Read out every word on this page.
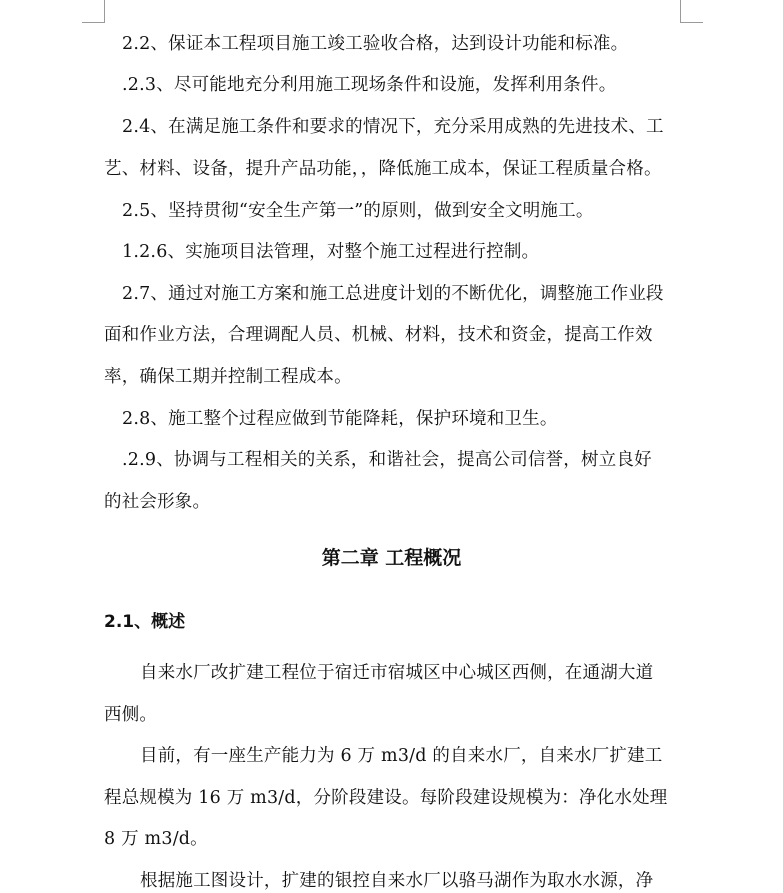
2.2、保证本工程项目施工竣工验收合格，达到设计功能和标准。
.2.3、尽可能地充分利用施工现场条件和设施，发挥利用条件。
2.4、在满足施工条件和要求的情况下，充分采用成熟的先进技术、工
艺、材料、设备，提升产品功能，，降低施工成本，保证工程质量合格。
2.5、坚持贯彻“安全生产第一”的原则，做到安全文明施工。
1.2.6、实施项目法管理，对整个施工过程进行控制。
2.7、通过对施工方案和施工总进度计划的不断优化，调整施工作业段
面和作业方法，合理调配人员、机械、材料，技术和资金，提高工作效
率，确保工期并控制工程成本。
2.8、施工整个过程应做到节能降耗，保护环境和卫生。
.2.9、协调与工程相关的关系，和谐社会，提高公司信誉，树立良好
的社会形象。
第二章 工程概况
2.1、概述
自来水厂改扩建工程位于宿迁市宿城区中心城区西侧，在通湖大道
西侧。
目前，有一座生产能力为 6 万 m3/d 的自来水厂，自来水厂扩建工
程总规模为 16 万 m3/d，分阶段建设。每阶段建设规模为：净化水处理
8 万 m3/d。
根据施工图设计，扩建的银控自来水厂以骆马湖作为取水水源，净
